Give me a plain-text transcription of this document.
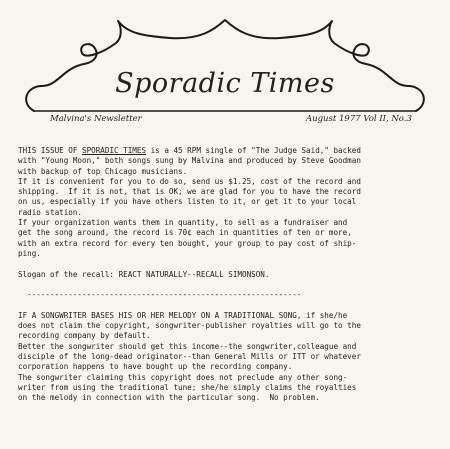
Sporadic Times
Malvina's Newsletter	August 1977 Vol II, No.3
THIS ISSUE OF SPORADIC TIMES is a 45 RPM single of "The Judge Said," backed
with "Young Moon," both songs sung by Malvina and produced by Steve Goodman
with backup of top Chicago musicians.
If it is convenient for you to do so, send us $1.25, cost of the record and
shipping.  If it is not, that is OK; we are glad for you to have the record
on us, especially if you have others listen to it, or get it to your local
radio station.
If your organization wants them in quantity, to sell as a fundraiser and
get the song around, the record is 70¢ each in quantities of ten or more,
with an extra record for every ten bought, your group to pay cost of ship-
ping.

Slogan of the recall: REACT NATURALLY--RECALL SIMONSON.

------------------------------------------------------------

IF A SONGWRITER BASES HIS OR HER MELODY ON A TRADITIONAL SONG, if she/he
does not claim the copyright, songwriter-publisher royalties will go to the
recording company by default.
Better the songwriter should get this income--the songwriter,colleague and
disciple of the long-dead originator--than General Mills or ITT or whatever
corporation happens to have bought up the recording company.
The songwriter claiming this copyright does not preclude any other song-
writer from using the traditional tune; she/he simply claims the royalties
on the melody in connection with the particular song.  No problem.
